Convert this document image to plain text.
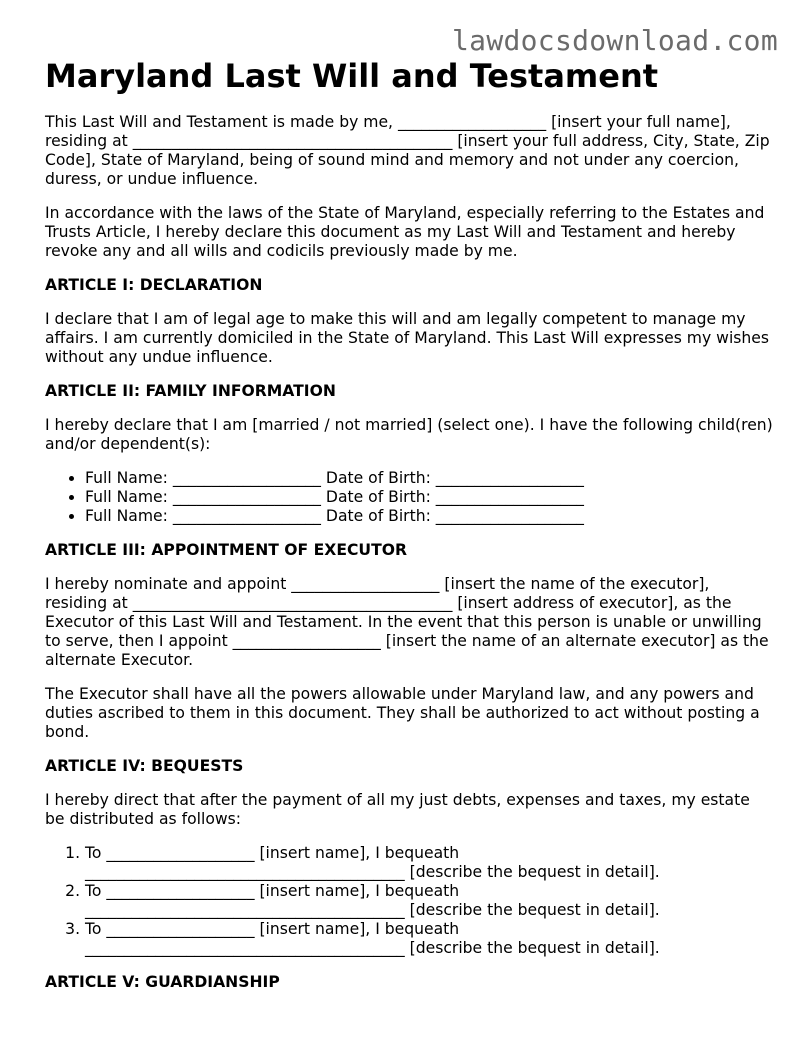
lawdocsdownload.com
Maryland Last Will and Testament

This Last Will and Testament is made by me, ___________________ [insert your full name], residing at _________________________________________ [insert your full address, City, State, Zip Code], State of Maryland, being of sound mind and memory and not under any coercion, duress, or undue influence.

In accordance with the laws of the State of Maryland, especially referring to the Estates and Trusts Article, I hereby declare this document as my Last Will and Testament and hereby revoke any and all wills and codicils previously made by me.

ARTICLE I: DECLARATION

I declare that I am of legal age to make this will and am legally competent to manage my affairs. I am currently domiciled in the State of Maryland. This Last Will expresses my wishes without any undue influence.

ARTICLE II: FAMILY INFORMATION

I hereby declare that I am [married / not married] (select one). I have the following child(ren) and/or dependent(s):

• Full Name: ___________________ Date of Birth: ___________________
• Full Name: ___________________ Date of Birth: ___________________
• Full Name: ___________________ Date of Birth: ___________________
ARTICLE III: APPOINTMENT OF EXECUTOR

I hereby nominate and appoint ___________________ [insert the name of the executor], residing at _________________________________________ [insert address of executor], as the Executor of this Last Will and Testament. In the event that this person is unable or unwilling to serve, then I appoint ___________________ [insert the name of an alternate executor] as the alternate Executor.

The Executor shall have all the powers allowable under Maryland law, and any powers and duties ascribed to them in this document. They shall be authorized to act without posting a bond.

ARTICLE IV: BEQUESTS

I hereby direct that after the payment of all my just debts, expenses and taxes, my estate be distributed as follows:

1. To ___________________ [insert name], I bequeath _________________________________________ [describe the bequest in detail].
2. To ___________________ [insert name], I bequeath _________________________________________ [describe the bequest in detail].
3. To ___________________ [insert name], I bequeath _________________________________________ [describe the bequest in detail].
ARTICLE V: GUARDIANSHIP
